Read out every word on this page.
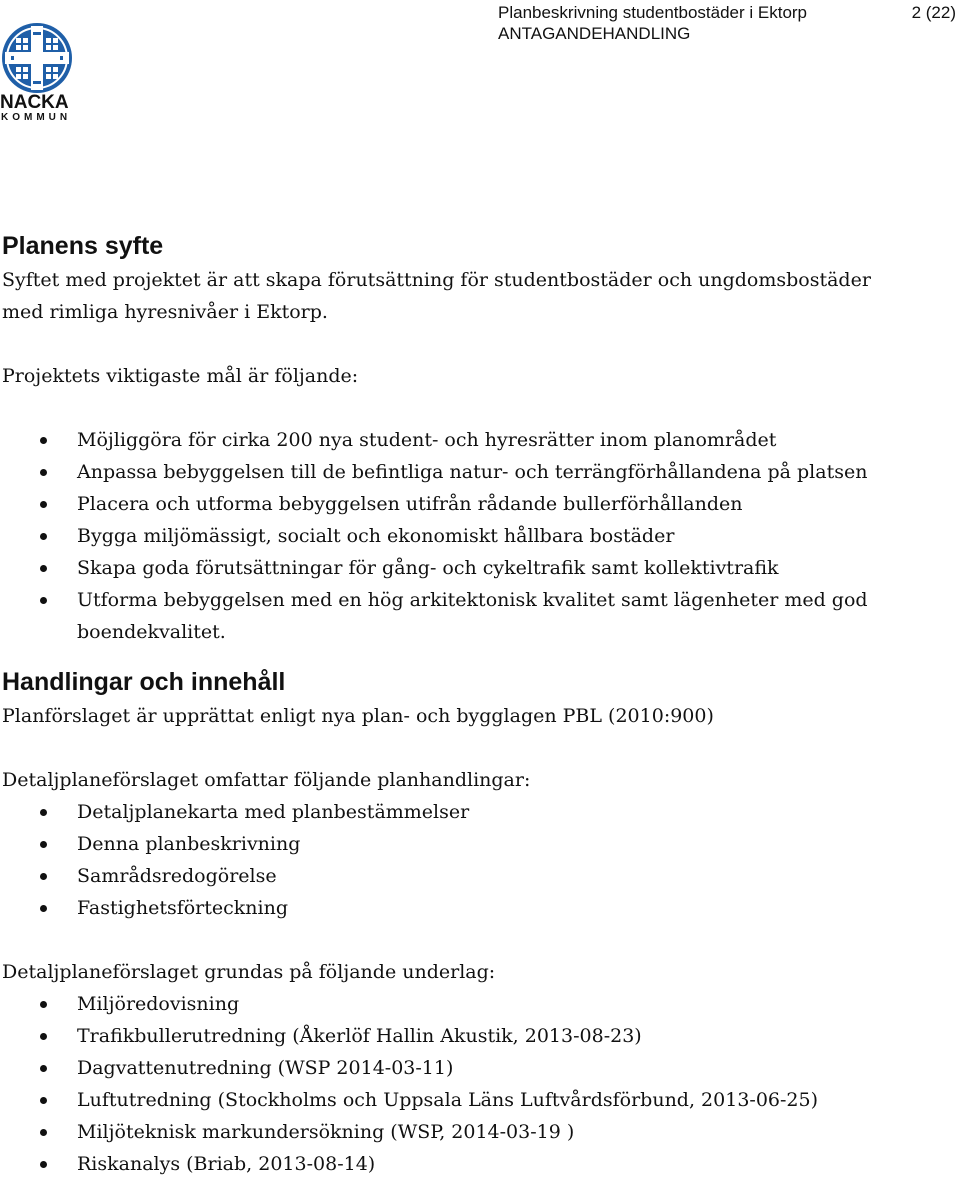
Planbeskrivning studentbostäder i Ektorp
ANTAGANDEHANDLING
2 (22)
NACKA
KOMMUN
Planens syfte

Syftet med projektet är att skapa förutsättning för studentbostäder och ungdomsbostäder

med rimliga hyresnivåer i Ektorp.

Projektets viktigaste mål är följande:

Möjliggöra för cirka 200 nya student- och hyresrätter inom planområdet
Anpassa bebyggelsen till de befintliga natur- och terrängförhållandena på platsen
Placera och utforma bebyggelsen utifrån rådande bullerförhållanden
Bygga miljömässigt, socialt och ekonomiskt hållbara bostäder
Skapa goda förutsättningar för gång- och cykeltrafik samt kollektivtrafik
Utforma bebyggelsen med en hög arkitektonisk kvalitet samt lägenheter med god
boendekvalitet.
Handlingar och innehåll

Planförslaget är upprättat enligt nya plan- och bygglagen PBL (2010:900)

Detaljplaneförslaget omfattar följande planhandlingar:

Detaljplanekarta med planbestämmelser
Denna planbeskrivning
Samrådsredogörelse
Fastighetsförteckning

Detaljplaneförslaget grundas på följande underlag:

Miljöredovisning
Trafikbullerutredning (Åkerlöf Hallin Akustik, 2013-08-23)
Dagvattenutredning (WSP 2014-03-11)
Luftutredning (Stockholms och Uppsala Läns Luftvårdsförbund, 2013-06-25)
Miljöteknisk markundersökning (WSP, 2014-03-19 )
Riskanalys (Briab, 2013-08-14)
